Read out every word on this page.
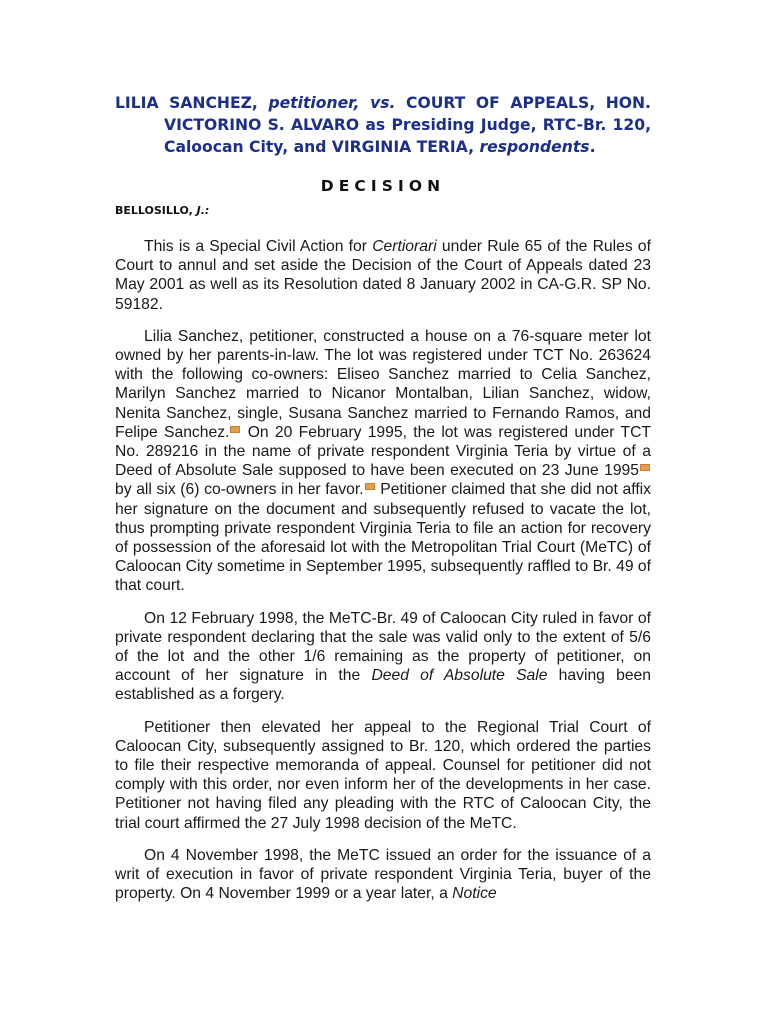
LILIA SANCHEZ, petitioner, vs. COURT OF APPEALS, HON. VICTORINO S. ALVARO as Presiding Judge, RTC-Br. 120, Caloocan City, and VIRGINIA TERIA, respondents.

DECISION
BELLOSILLO, J.:

This is a Special Civil Action for Certiorari under Rule 65 of the Rules of Court to annul and set aside the Decision of the Court of Appeals dated 23 May 2001 as well as its Resolution dated 8 January 2002 in CA-G.R. SP No. 59182.

Lilia Sanchez, petitioner, constructed a house on a 76-square meter lot owned by her parents-in-law. The lot was registered under TCT No. 263624 with the following co-owners: Eliseo Sanchez married to Celia Sanchez, Marilyn Sanchez married to Nicanor Montalban, Lilian Sanchez, widow, Nenita Sanchez, single, Susana Sanchez married to Fernando Ramos, and Felipe Sanchez. On 20 February 1995, the lot was registered under TCT No. 289216 in the name of private respondent Virginia Teria by virtue of a Deed of Absolute Sale supposed to have been executed on 23 June 1995 by all six (6) co-owners in her favor. Petitioner claimed that she did not affix her signature on the document and subsequently refused to vacate the lot, thus prompting private respondent Virginia Teria to file an action for recovery of possession of the aforesaid lot with the Metropolitan Trial Court (MeTC) of Caloocan City sometime in September 1995, subsequently raffled to Br. 49 of that court.

On 12 February 1998, the MeTC-Br. 49 of Caloocan City ruled in favor of private respondent declaring that the sale was valid only to the extent of 5/6 of the lot and the other 1/6 remaining as the property of petitioner, on account of her signature in the Deed of Absolute Sale having been established as a forgery.

Petitioner then elevated her appeal to the Regional Trial Court of Caloocan City, subsequently assigned to Br. 120, which ordered the parties to file their respective memoranda of appeal. Counsel for petitioner did not comply with this order, nor even inform her of the developments in her case. Petitioner not having filed any pleading with the RTC of Caloocan City, the trial court affirmed the 27 July 1998 decision of the MeTC.

On 4 November 1998, the MeTC issued an order for the issuance of a writ of execution in favor of private respondent Virginia Teria, buyer of the property. On 4 November 1999 or a year later, a Notice
